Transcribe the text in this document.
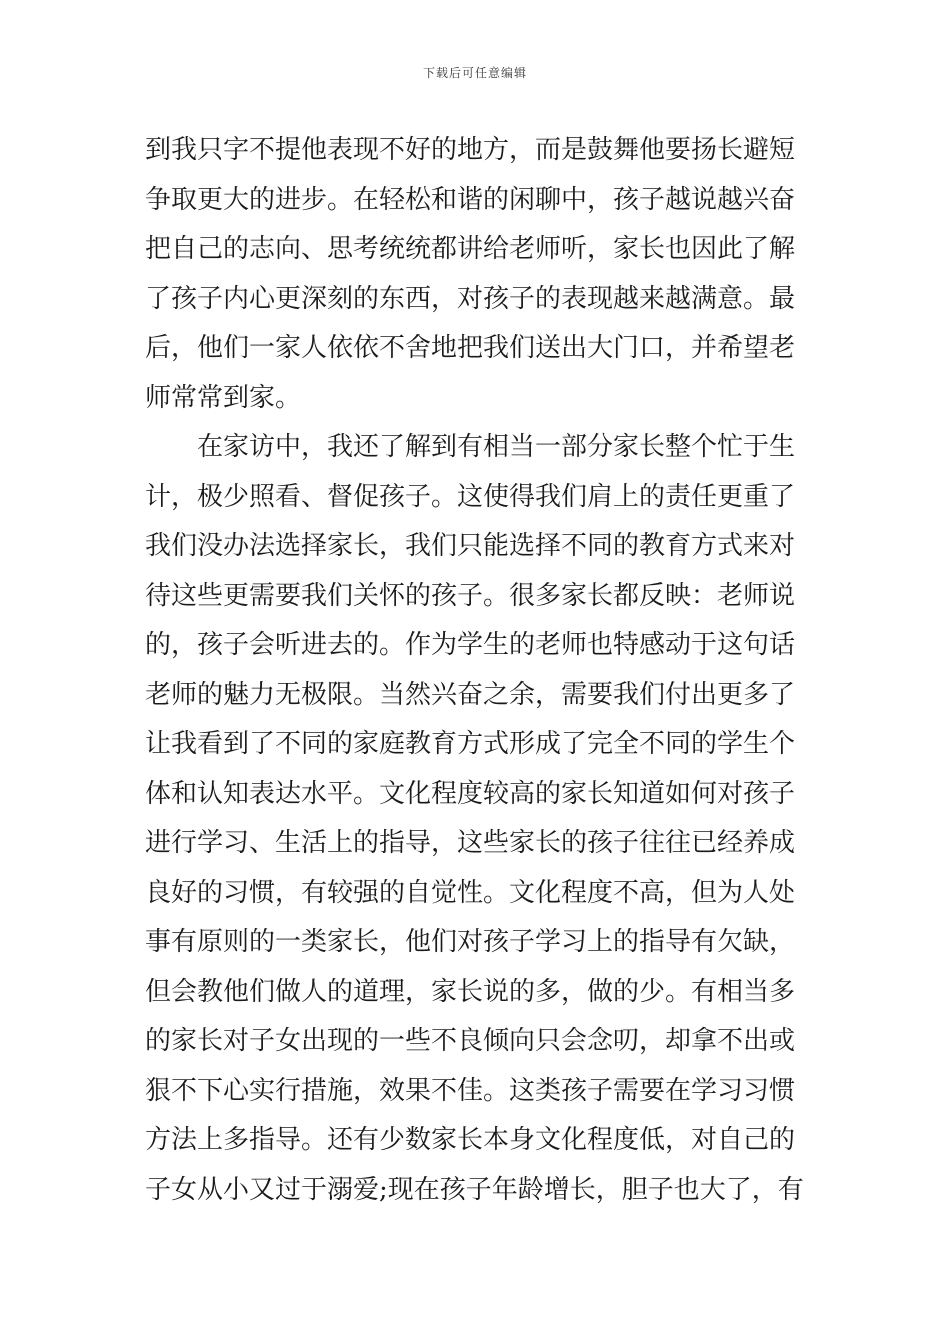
下载后可任意编辑
到我只字不提他表现不好的地方，而是鼓舞他要扬长避短
争取更大的进步。在轻松和谐的闲聊中，孩子越说越兴奋
把自己的志向、思考统统都讲给老师听，家长也因此了解
了孩子内心更深刻的东西，对孩子的表现越来越满意。最
后，他们一家人依依不舍地把我们送出大门口，并希望老
师常常到家。
在家访中，我还了解到有相当一部分家长整个忙于生
计，极少照看、督促孩子。这使得我们肩上的责任更重了
我们没办法选择家长，我们只能选择不同的教育方式来对
待这些更需要我们关怀的孩子。很多家长都反映：老师说
的，孩子会听进去的。作为学生的老师也特感动于这句话
老师的魅力无极限。当然兴奋之余，需要我们付出更多了
让我看到了不同的家庭教育方式形成了完全不同的学生个
体和认知表达水平。文化程度较高的家长知道如何对孩子
进行学习、生活上的指导，这些家长的孩子往往已经养成
良好的习惯，有较强的自觉性。文化程度不高，但为人处
事有原则的一类家长，他们对孩子学习上的指导有欠缺，
但会教他们做人的道理，家长说的多，做的少。有相当多
的家长对子女出现的一些不良倾向只会念叨，却拿不出或
狠不下心实行措施，效果不佳。这类孩子需要在学习习惯
方法上多指导。还有少数家长本身文化程度低，对自己的
子女从小又过于溺爱;现在孩子年龄增长，胆子也大了，有
